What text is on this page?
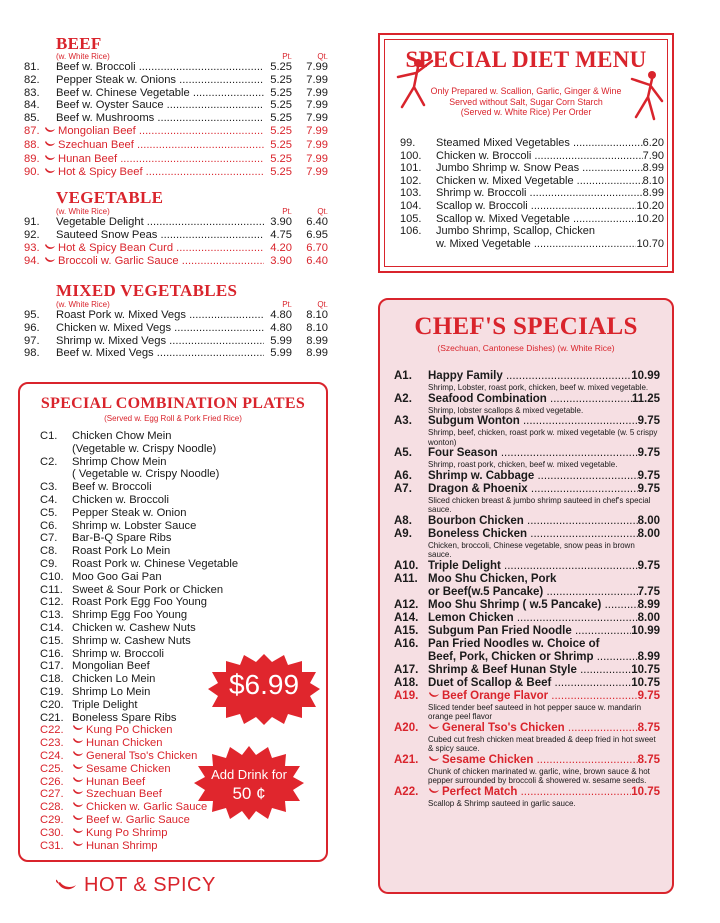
BEEF
(w. White Rice)	Pt.	Qt.
81.	Beef w. Broccoli .....	5.25	7.99
82.	Pepper Steak w. Onions .....	5.25	7.99
83.	Beef w. Chinese Vegetable .....	5.25	7.99
84.	Beef w. Oyster Sauce .....	5.25	7.99
85.	Beef w. Mushrooms .....	5.25	7.99
87.	Mongolian Beef .....	5.25	7.99
88.	Szechuan Beef .....	5.25	7.99
89.	Hunan Beef .....	5.25	7.99
90.	Hot & Spicy Beef .....	5.25	7.99
VEGETABLE
(w. White Rice)	Pt.	Qt.
91.	Vegetable Delight .....	3.90	6.40
92.	Sauteed Snow Peas .....	4.75	6.95
93.	Hot & Spicy Bean Curd .....	4.20	6.70
94.	Broccoli w. Garlic Sauce .....	3.90	6.40
MIXED VEGETABLES
(w. White Rice)	Pt.	Qt.
95.	Roast Pork w. Mixed Vegs .....	4.80	8.10
96.	Chicken w. Mixed Vegs .....	4.80	8.10
97.	Shrimp w. Mixed Vegs .....	5.99	8.99
98.	Beef w. Mixed Vegs .....	5.99	8.99
SPECIAL COMBINATION PLATES
(Served w. Egg Roll & Pork Fried Rice)
C1.	Chicken Chow Mein
(Vegetable w. Crispy Noodle)
C2.	Shrimp Chow Mein
( Vegetable w. Crispy Noodle)
C3.	Beef w. Broccoli
C4.	Chicken w. Broccoli
C5.	Pepper Steak w. Onion
C6.	Shrimp w. Lobster Sauce
C7.	Bar-B-Q Spare Ribs
C8.	Roast Pork Lo Mein
C9.	Roast Pork w. Chinese Vegetable
C10. Moo Goo Gai Pan
C11. Sweet & Sour Pork or Chicken
C12. Roast Pork Egg Foo Young
C13. Shrimp Egg Foo Young
C14. Chicken w. Cashew Nuts
C15. Shrimp w. Cashew Nuts
C16. Shrimp w. Broccoli
C17. Mongolian Beef
C18. Chicken Lo Mein
C19. Shrimp Lo Mein
C20. Triple Delight
C21. Boneless Spare Ribs
C22.	Kung Po Chicken
C23.	Hunan Chicken
C24.	General Tso's Chicken
C25.	Sesame Chicken
C26.	Hunan Beef
C27.	Szechuan Beef
C28.	Chicken w. Garlic Sauce
C29.	Beef w. Garlic Sauce
C30.	Kung Po Shrimp
C31.	Hunan Shrimp
$6.99
Add Drink for
50 ¢
HOT & SPICY
SPECIAL DIET MENU
Only Prepared w. Scallion, Garlic, Ginger & Wine
Served without Salt, Sugar Corn Starch
(Served w. White Rice) Per Order
99.	Steamed Mixed Vegetables .....	6.20
100.	Chicken w. Broccoli .....	7.90
101.	Jumbo Shrimp w. Snow Peas .....	8.99
102.	Chicken w. Mixed Vegetable .....	8.10
103.	Shrimp w. Broccoli .....	8.99
104.	Scallop w. Broccoli .....	10.20
105.	Scallop w. Mixed Vegetable .....	10.20
106.	Jumbo Shrimp, Scallop, Chicken
w. Mixed Vegetable .....	10.70
CHEF'S SPECIALS
(Szechuan, Cantonese Dishes) (w. White Rice)
A1.	Happy Family .....	10.99
Shrimp, Lobster, roast pork, chicken, beef w. mixed vegetable.
A2.	Seafood Combination .....	11.25
Shrimp, lobster scallops & mixed vegetable.
A3.	Subgum Wonton .....	9.75
Shrimp, beef, chicken, roast pork w. mixed vegetable (w. 5 crispy wonton)
A5.	Four Season .....	9.75
Shrimp, roast pork, chicken, beef w. mixed vegetable.
A6.	Shrimp w. Cabbage .....	9.75
A7.	Dragon & Phoenix .....	9.75
Sliced chicken breast & jumbo shrimp sauteed in chef's special sauce.
A8.	Bourbon Chicken .....	8.00
A9.	Boneless Chicken .....	8.00
Chicken, broccoli, Chinese vegetable, snow peas in brown sauce.
A10. Triple Delight .....	9.75
A11. Moo Shu Chicken, Pork
or Beef(w.5 Pancake) .....	7.75
A12. Moo Shu Shrimp ( w.5 Pancake) .....	8.99
A14. Lemon Chicken .....	8.00
A15. Subgum Pan Fried Noodle .....	10.99
A16. Pan Fried Noodles w. Choice of
Beef, Pork, Chicken or Shrimp .....	8.99
A17. Shrimp & Beef Hunan Style .....	10.75
A18. Duet of Scallop & Beef .....	10.75
A19.	Beef Orange Flavor .....	9.75
Sliced tender beef sauteed in hot pepper sauce w. mandarin orange peel flavor
A20.	General Tso's Chicken .....	8.75
Cubed cut fresh chicken meat breaded & deep fried in hot sweet & spicy sauce.
A21.	Sesame Chicken .....	8.75
Chunk of chicken marinated w. garlic, wine, brown sauce & hot pepper surrounded by broccoli & showered w. sesame seeds.
A22.	Perfect Match .....	10.75
Scallop & Shrimp sauteed in garlic sauce.
